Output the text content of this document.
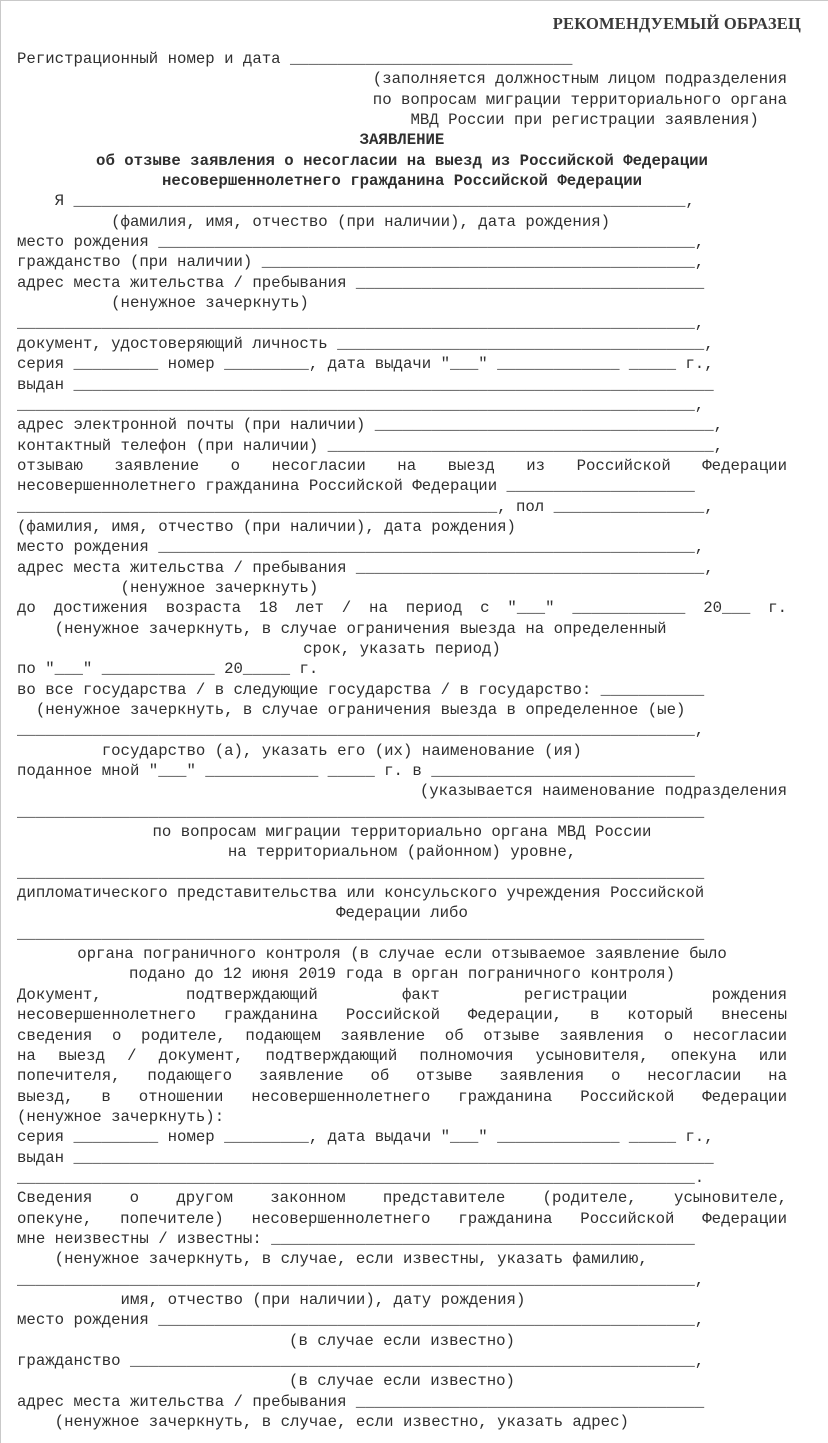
РЕКОМЕНДУЕМЫЙ ОБРАЗЕЦ
Регистрационный номер и дата ______________________________
(заполняется должностным лицом подразделения
по вопросам миграции территориального органа
МВД России при регистрации заявления)
ЗАЯВЛЕНИЕ
об отзыве заявления о несогласии на выезд из Российской Федерации
несовершеннолетнего гражданина Российской Федерации
Я _________________________________________________________________,
(фамилия, имя, отчество (при наличии), дата рождения)
место рождения _________________________________________________________,
гражданство (при наличии) ______________________________________________,
адрес места жительства / пребывания _____________________________________
(ненужное зачеркнуть)
________________________________________________________________________,
документ, удостоверяющий личность _______________________________________,
серия _________ номер _________, дата выдачи "___" _____________ _____ г.,
выдан ____________________________________________________________________
________________________________________________________________________,
адрес электронной почты (при наличии) ____________________________________,
контактный телефон (при наличии) _________________________________________,
отзываю заявление о несогласии на выезд из Российской Федерации
несовершеннолетнего гражданина Российской Федерации ____________________
___________________________________________________, пол ________________,
(фамилия, имя, отчество (при наличии), дата рождения)
место рождения _________________________________________________________,
адрес места жительства / пребывания _____________________________________,
(ненужное зачеркнуть)
до достижения возраста 18 лет / на период с "___" ____________ 20___ г.
(ненужное зачеркнуть, в случае ограничения выезда на определенный
срок, указать период)
по "___" ____________ 20_____ г.
во все государства / в следующие государства / в государство: ___________
(ненужное зачеркнуть, в случае ограничения выезда в определенное (ые)
________________________________________________________________________,
государство (а), указать его (их) наименование (ия)
поданное мной "___" ____________ _____ г. в ____________________________
(указывается наименование подразделения
_________________________________________________________________________
по вопросам миграции территориально органа МВД России
на территориальном (районном) уровне,
_________________________________________________________________________
дипломатического представительства или консульского учреждения Российской
Федерации либо
_________________________________________________________________________
органа пограничного контроля (в случае если отзываемое заявление было
подано до 12 июня 2019 года в орган пограничного контроля)
Документ, подтверждающий факт регистрации рождения
несовершеннолетнего гражданина Российской Федерации, в который внесены
сведения о родителе, подающем заявление об отзыве заявления о несогласии
на выезд / документ, подтверждающий полномочия усыновителя, опекуна или
попечителя, подающего заявление об отзыве заявления о несогласии на
выезд, в отношении несовершеннолетнего гражданина Российской Федерации
(ненужное зачеркнуть):
серия _________ номер _________, дата выдачи "___" _____________ _____ г.,
выдан ____________________________________________________________________
________________________________________________________________________.
Сведения о другом законном представителе (родителе, усыновителе,
опекуне, попечителе) несовершеннолетнего гражданина Российской Федерации
мне неизвестны / известны: _____________________________________________
(ненужное зачеркнуть, в случае, если известны, указать фамилию,
________________________________________________________________________,
имя, отчество (при наличии), дату рождения)
место рождения _________________________________________________________,
(в случае если известно)
гражданство ____________________________________________________________,
(в случае если известно)
адрес места жительства / пребывания _____________________________________
(ненужное зачеркнуть, в случае, если известно, указать адрес)
